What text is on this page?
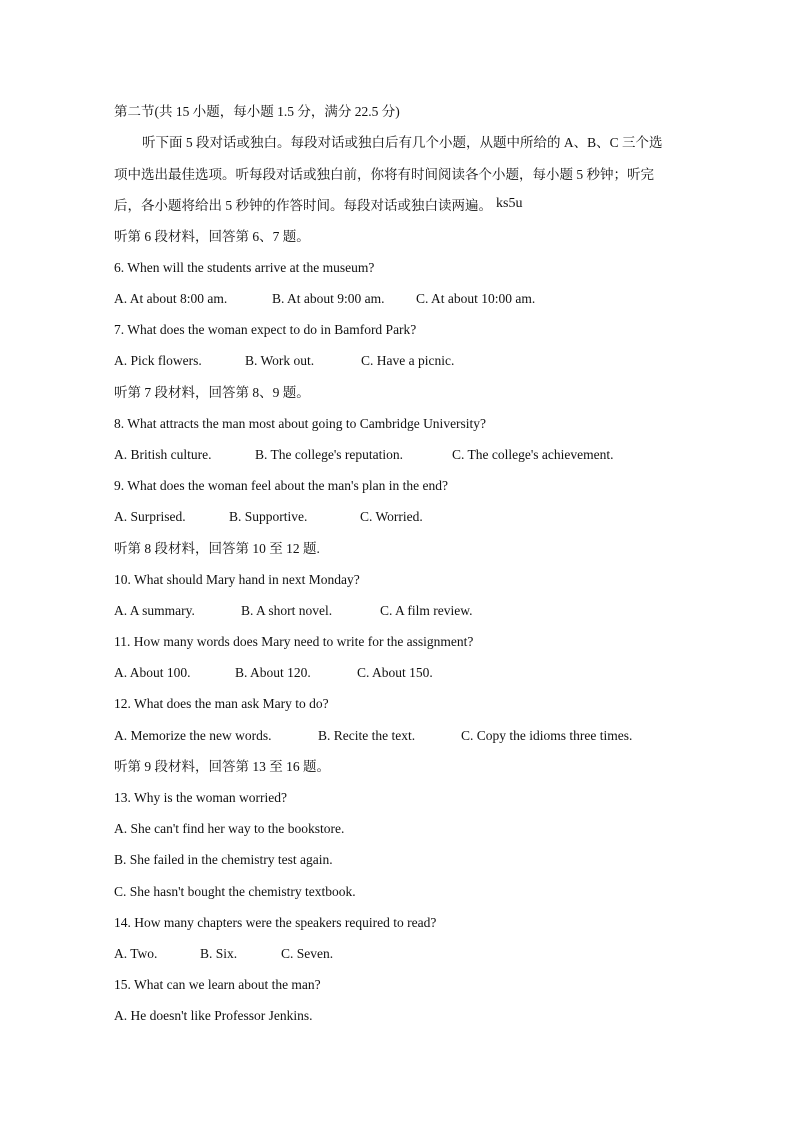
第二节(共 15 小题，每小题 1.5 分，满分 22.5 分)
听下面 5 段对话或独白。每段对话或独白后有几个小题，从题中所给的 A、B、C 三个选
项中选出最佳选项。听每段对话或独白前，你将有时间阅读各个小题，每小题 5 秒钟；听完
后，各小题将给出 5 秒钟的作答时间。每段对话或独白读两遍。 ks5u
听第 6 段材料，回答第 6、7 题。
6. When will the students arrive at the museum?
A. At about 8:00 am.	B. At about 9:00 am. C. At about 10:00 am.
7. What does the woman expect to do in Bamford Park?
A. Pick flowers.	B. Work out.	C. Have a picnic.
听第 7 段材料，回答第 8、9 题。
8. What attracts the man most about going to Cambridge University?
A. British culture.	B. The college's reputation.	C. The college's achievement.
9. What does the woman feel about the man's plan in the end?
A. Surprised.	B. Supportive.	C. Worried.
听第 8 段材料，回答第 10 至 12 题.
10. What should Mary hand in next Monday?
A. A summary.	B. A short novel.	C. A film review.
11. How many words does Mary need to write for the assignment?
A. About 100.	B. About 120.	C. About 150.
12. What does the man ask Mary to do?
A. Memorize the new words.	B. Recite the text.	C. Copy the idioms three times.
听第 9 段材料，回答第 13 至 16 题。
13. Why is the woman worried?
A. She can't find her way to the bookstore.
B. She failed in the chemistry test again.
C. She hasn't bought the chemistry textbook.
14. How many chapters were the speakers required to read?
A. Two.	B. Six.	C. Seven.
15. What can we learn about the man?
A. He doesn't like Professor Jenkins.
